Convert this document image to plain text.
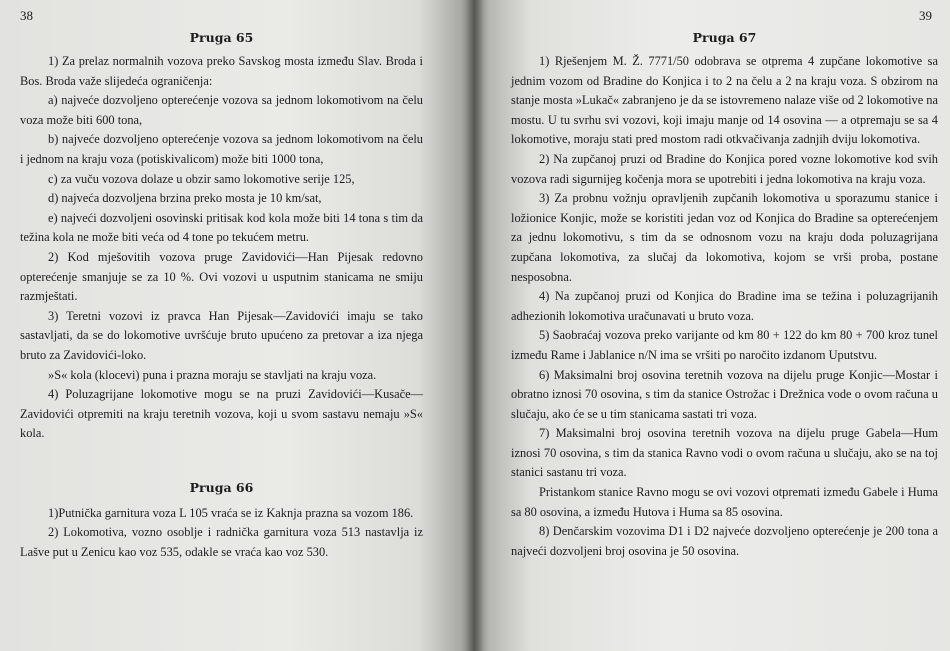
38
Pruga 65

1) Za prelaz normalnih vozova preko Savskog mosta između Slav. Broda i Bos. Broda važe slijedeća ograničenja:

a) najveće dozvoljeno opterećenje vozova sa jednom lokomotivom na čelu voza može biti 600 tona,

b) najveće dozvoljeno opterećenje vozova sa jednom lokomotivom na čelu i jednom na kraju voza (potiskivalicom) može biti 1000 tona,

c) za vuču vozova dolaze u obzir samo lokomotive serije 125,

d) najveća dozvoljena brzina preko mosta je 10 km/sat,

e) najveći dozvoljeni osovinski pritisak kod kola može biti 14 tona s tim da težina kola ne može biti veća od 4 tone po tekućem metru.

2) Kod mješovitih vozova pruge Zavidovići—Han Pijesak redovno opterećenje smanjuje se za 10 %. Ovi vozovi u usputnim stanicama ne smiju razmještati.

3) Teretni vozovi iz pravca Han Pijesak—Zavidovići imaju se tako sastavljati, da se do lokomotive uvršćuje bruto upućeno za pretovar a iza njega bruto za Zavidovići-loko.

»S« kola (klocevi) puna i prazna moraju se stavljati na kraju voza.

4) Poluzagrijane lokomotive mogu se na pruzi Zavidovići—Kusače—Zavidovići otpremiti na kraju teretnih vozova, koji u svom sastavu nemaju »S« kola.

Pruga 66

1)Putnička garnitura voza L 105 vraća se iz Kaknja prazna sa vozom 186.

2) Lokomotiva, vozno osoblje i radnička garnitura voza 513 nastavlja iz Lašve put u Zenicu kao voz 535, odakle se vraća kao voz 530.

39
Pruga 67

1) Rješenjem M. Ž. 7771/50 odobrava se otprema 4 zupčane lokomotive sa jednim vozom od Bradine do Konjica i to 2 na čelu a 2 na kraju voza. S obzirom na stanje mosta »Lukač« zabranjeno je da se istovremeno nalaze više od 2 lokomotive na mostu. U tu svrhu svi vozovi, koji imaju manje od 14 osovina — a otpremaju se sa 4 lokomotive, moraju stati pred mostom radi otkvačivanja zadnjih dviju lokomotiva.

2) Na zupčanoj pruzi od Bradine do Konjica pored vozne lokomotive kod svih vozova radi sigurnijeg kočenja mora se upotrebiti i jedna lokomotiva na kraju voza.

3) Za probnu vožnju opravljenih zupčanih lokomotiva u sporazumu stanice i ložionice Konjic, može se koristiti jedan voz od Konjica do Bradine sa opterećenjem za jednu lokomotivu, s tim da se odnosnom vozu na kraju doda poluzagrijana zupčana lokomotiva, za slučaj da lokomotiva, kojom se vrši proba, postane nesposobna.

4) Na zupčanoj pruzi od Konjica do Bradine ima se težina i poluzagrijanih adhezionih lokomotiva uračunavati u bruto voza.

5) Saobraćaj vozova preko varijante od km 80 + 122 do km 80 + 700 kroz tunel između Rame i Jablanice n/N ima se vršiti po naročito izdanom Uputstvu.

6) Maksimalni broj osovina teretnih vozova na dijelu pruge Konjic—Mostar i obratno iznosi 70 osovina, s tim da stanice Ostrožac i Drežnica vode o ovom računa u slučaju, ako će se u tim stanicama sastati tri voza.

7) Maksimalni broj osovina teretnih vozova na dijelu pruge Gabela—Hum iznosi 70 osovina, s tim da stanica Ravno vodi o ovom računa u slučaju, ako se na toj stanici sastanu tri voza.

Pristankom stanice Ravno mogu se ovi vozovi otpremati između Gabele i Huma sa 80 osovina, a između Hutova i Huma sa 85 osovina.

8) Denčarskim vozovima D1 i D2 najveće dozvoljeno opterećenje je 200 tona a najveći dozvoljeni broj osovina je 50 osovina.
